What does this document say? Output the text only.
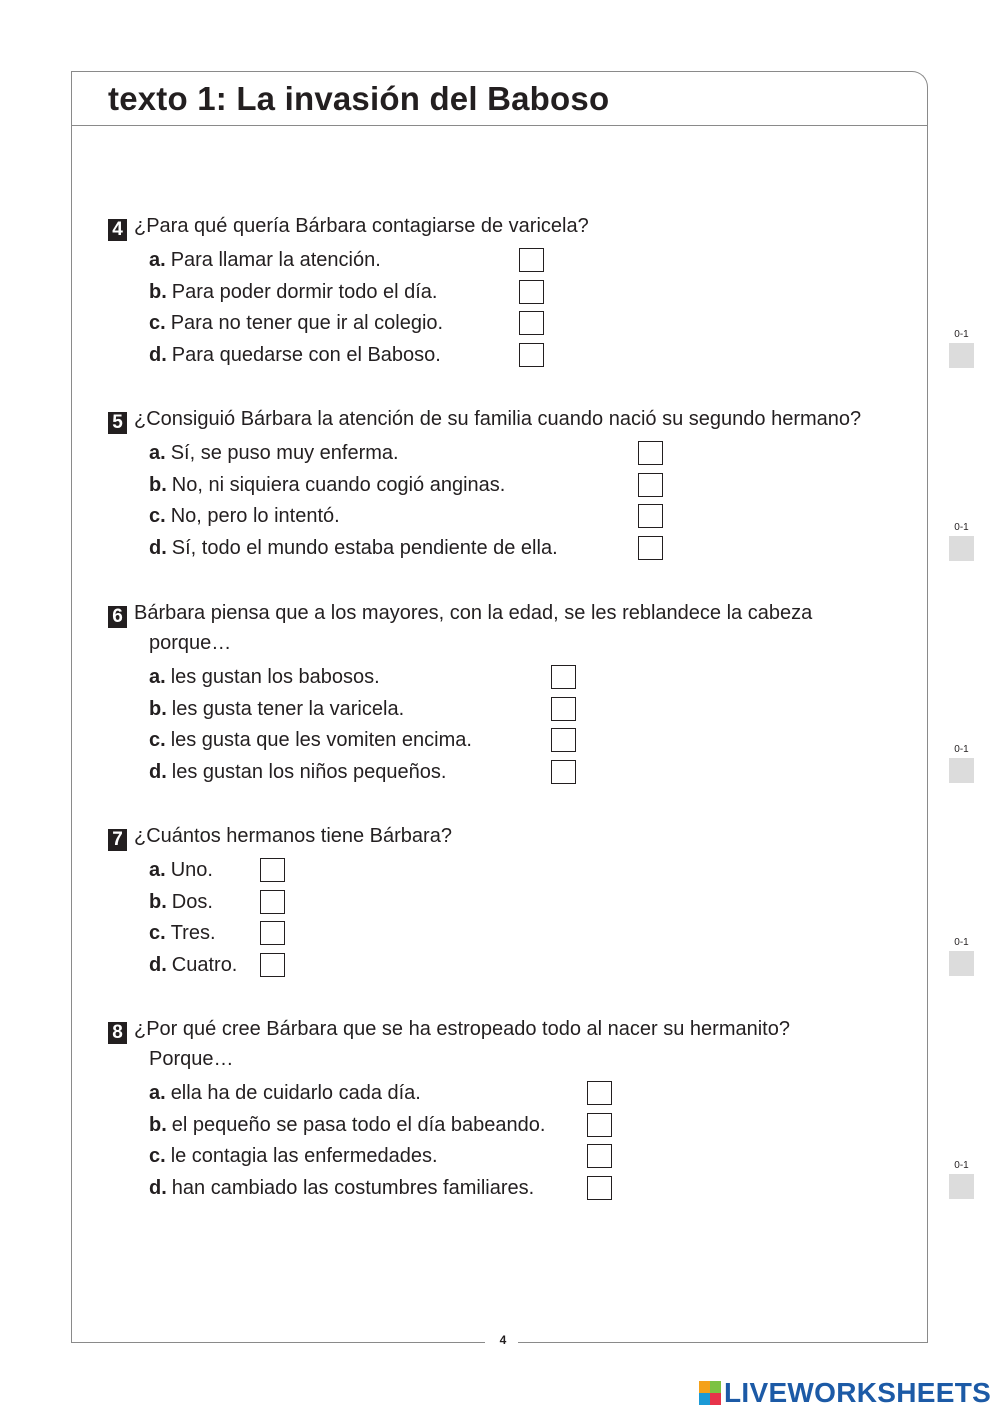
4
texto 1: La invasión del Baboso
4 ¿Para qué quería Bárbara contagiarse de varicela?
a. Para llamar la atención.
b. Para poder dormir todo el día.
c. Para no tener que ir al colegio.
d. Para quedarse con el Baboso.
5 ¿Consiguió Bárbara la atención de su familia cuando nació su segundo hermano?
a. Sí, se puso muy enferma.
b. No, ni siquiera cuando cogió anginas.
c. No, pero lo intentó.
d. Sí, todo el mundo estaba pendiente de ella.
6 Bárbara piensa que a los mayores, con la edad, se les reblandece la cabeza
porque…
a. les gustan los babosos.
b. les gusta tener la varicela.
c. les gusta que les vomiten encima.
d. les gustan los niños pequeños.
7 ¿Cuántos hermanos tiene Bárbara?
a. Uno.
b. Dos.
c. Tres.
d. Cuatro.
8 ¿Por qué cree Bárbara que se ha estropeado todo al nacer su hermanito?
Porque…
a. ella ha de cuidarlo cada día.
b. el pequeño se pasa todo el día babeando.
c. le contagia las enfermedades.
d. han cambiado las costumbres familiares.
0-1
0-1
0-1
0-1
0-1
LIVEWORKSHEETS
